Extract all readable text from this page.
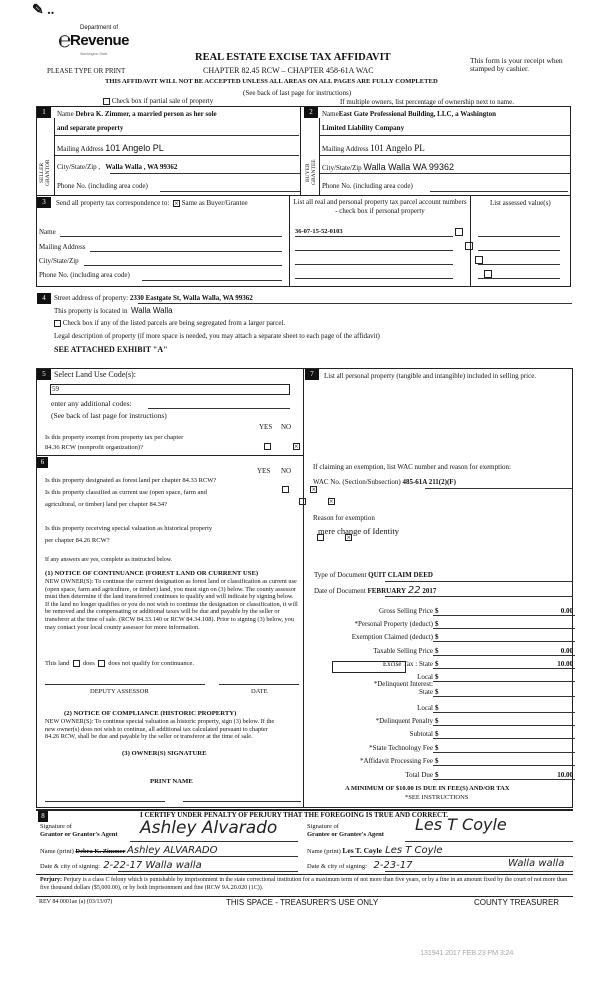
✎ ..
Department of
℮
Revenue
Washington State
PLEASE TYPE OR PRINT
REAL ESTATE EXCISE TAX AFFIDAVIT
CHAPTER 82.45 RCW – CHAPTER 458-61A WAC
THIS AFFIDAVIT WILL NOT BE ACCEPTED UNLESS ALL AREAS ON ALL PAGES ARE FULLY COMPLETED
(See back of last page for instructions)
This form is your receipt when stamped by cashier.
Check box if partial sale of property	If multiple owners, list percentage of ownership next to name.
1
SELLER GRANTOR
Name Debra K. Zimmer, a married person as her sole
and separate property
Mailing Address 101 Angelo PL
City/State/Zip , Walla Walla , WA 99362
Phone No. (including area code)
2
BUYER GRANTEE
NameEast Gate Professional Building, LLC, a Washington
Limited Liability Company
Mailing Address 101 Angelo PL
City/State/Zip Walla Walla WA 99362
Phone No. (including area code)
3	Send all property tax correspondence to: × Same as Buyer/Grantee
Name
Mailing Address
City/State/Zip
Phone No. (including area code)
List all real and personal property tax parcel account numbers - check box if personal property
List assessed value(s)
36-07-15-52-0103

4	Street address of property: 2330 Eastgate St, Walla Walla, WA 99362
This property is located in Walla Walla
Check box if any of the listed parcels are being segregated from a larger parcel.
Legal description of property (if more space is needed, you may attach a separate sheet to each page of the affidavit)
SEE ATTACHED EXHIBIT "A"
5	Select Land Use Code(s):
59
enter any additional codes:
(See back of last page for instructions)
YES NO
Is this property exempt from property tax per chapter
84.36 RCW (nonprofit organization)?
×
6
YES NO
Is this property designated as forest land per chapter 84.33 RCW?
×
Is this property classified as current use (open space, farm and
agricultural, or timber) land per chapter 84.34?
×
Is this property receiving special valuation as historical property
per chapter 84.26 RCW?
×
If any answers are yes, complete as instructed below.
(1) NOTICE OF CONTINUANCE (FOREST LAND OR CURRENT USE)
NEW OWNER(S): To continue the current designation as forest land or classification as current use (open space, farm and agriculture, or timber) land, you must sign on (3) below. The county assessor must then determine if the land transferred continues to qualify and will indicate by signing below. If the land no longer qualifies or you do not wish to continue the designation or classification, it will be removed and the compensating or additional taxes will be due and payable by the seller or transferor at the time of sale. (RCW 84.33.140 or RCW 84.34.108). Prior to signing (3) below, you may contact your local county assessor for more information.
This land does does not qualify for continuance.
DEPUTY ASSESSOR	DATE
(2) NOTICE OF COMPLIANCE (HISTORIC PROPERTY)
NEW OWNER(S): To continue special valuation as historic property, sign (3) below. If the new owner(s) does not wish to continue, all additional tax calculated pursuant to chapter 84.26 RCW, shall be due and payable by the seller or transferor at the time of sale.
(3) OWNER(S) SIGNATURE
PRINT NAME
7	List all personal property (tangible and intangible) included in selling price.
If claiming an exemption, list WAC number and reason for exemption:
WAC No. (Section/Subsection) 485-61A 211(2)(F)
Reason for exemption
mere change of Identity
Type of Document QUIT CLAIM DEED
Date of Document FEBRUARY 22 2017
Gross Selling Price $	0.00
*Personal Property (deduct) $
Exemption Claimed (deduct) $
Taxable Selling Price $	0.00
Excise Tax : State $	10.00
Local $
*Delinquent Interest: State $
Local $
*Delinquent Penalty $
Subtotal $
*State Technology Fee $
*Affidavit Processing Fee $
Total Due $	10.00
A MINIMUM OF $10.00 IS DUE IN FEE(S) AND/OR TAX
*SEE INSTRUCTIONS
8	I CERTIFY UNDER PENALTY OF PERJURY THAT THE FOREGOING IS TRUE AND CORRECT.
Signature of
Grantor or Grantor's Agent Ashley Alvarado
Name (print) Debra K. Zimmer Ashley ALVARADO
Date & city of signing: 2-22-17 Walla walla
Signature of
Grantee or Grantee's Agent
Les T Coyle
Name (print) Les T. Coyle Les T Coyle
Date & city of signing: 2-23-17	Walla walla
Perjury: Perjury is a class C felony which is punishable by imprisonment in the state correctional institution for a maximum term of not more than five years, or by a fine in an amount fixed by the court of not more than five thousand dollars ($5,000.00), or by both imprisonment and fine (RCW 9A.20.020 (1C)).
REV 84 0001ae (a) (03/13/07)	THIS SPACE - TREASURER'S USE ONLY	COUNTY TREASURER
131941 2017 FEB 23 PM 3:24
